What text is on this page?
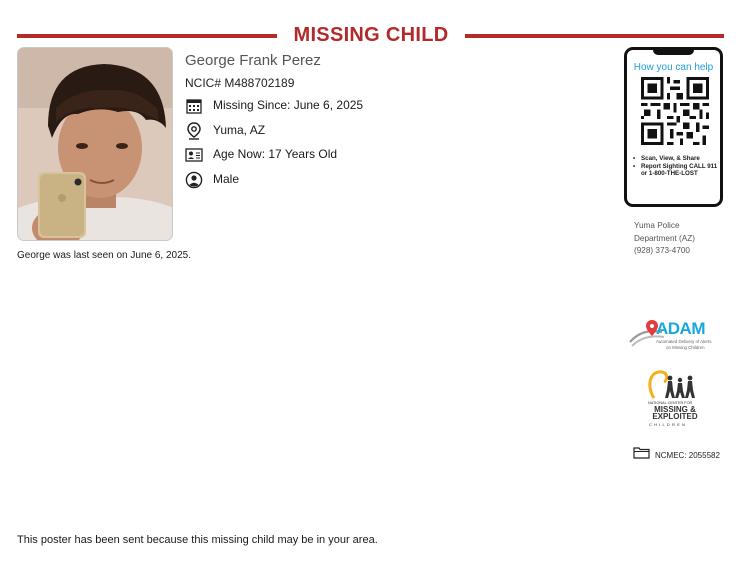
MISSING CHILD
George Frank Perez
NCIC# M488702189
Missing Since: June 6, 2025
Yuma, AZ
Age Now: 17 Years Old
Male
George was last seen on June 6, 2025.
How you can help
• Scan, View, & Share
• Report Sighting CALL 911 or 1-800-THE-LOST
Yuma Police
Department (AZ)
(928) 373-4700
ADAM
Automated Delivery of Alerts
on Missing Children
NATIONAL CENTER FOR
MISSING & EXPLOITED
CHILDREN
NCMEC: 2055582
This poster has been sent because this missing child may be in your area.
